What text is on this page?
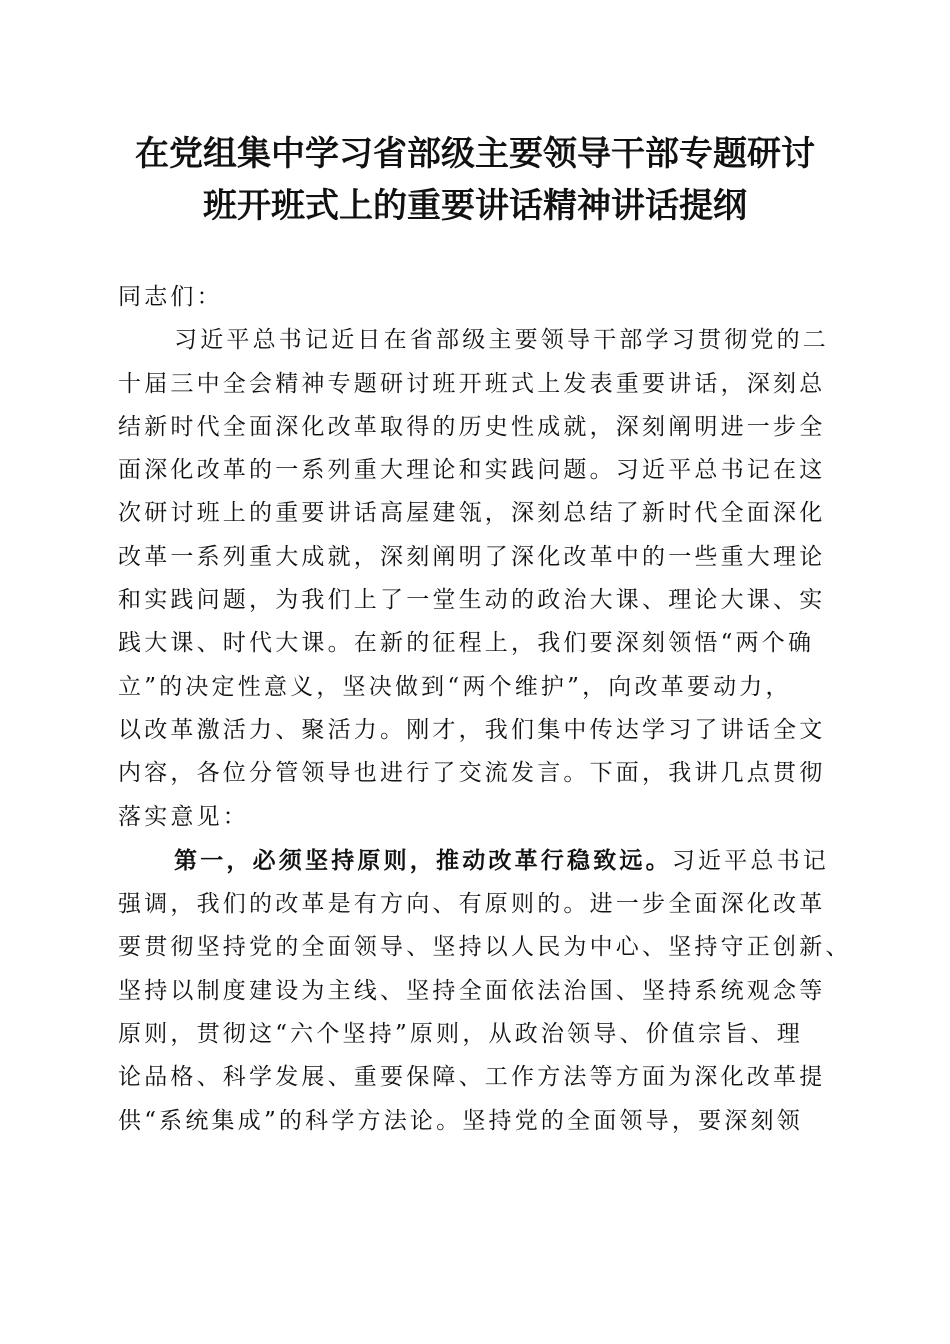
在党组集中学习省部级主要领导干部专题研讨
班开班式上的重要讲话精神讲话提纲
同志们：
习近平总书记近日在省部级主要领导干部学习贯彻党的二
十届三中全会精神专题研讨班开班式上发表重要讲话，深刻总
结新时代全面深化改革取得的历史性成就，深刻阐明进一步全
面深化改革的一系列重大理论和实践问题。习近平总书记在这
次研讨班上的重要讲话高屋建瓴，深刻总结了新时代全面深化
改革一系列重大成就，深刻阐明了深化改革中的一些重大理论
和实践问题，为我们上了一堂生动的政治大课、理论大课、实
践大课、时代大课。在新的征程上，我们要深刻领悟“两个确
立”的决定性意义，坚决做到“两个维护”，向改革要动力，
以改革激活力、聚活力。刚才，我们集中传达学习了讲话全文
内容，各位分管领导也进行了交流发言。下面，我讲几点贯彻
落实意见：
第一，必须坚持原则，推动改革行稳致远。习近平总书记
强调，我们的改革是有方向、有原则的。进一步全面深化改革
要贯彻坚持党的全面领导、坚持以人民为中心、坚持守正创新、
坚持以制度建设为主线、坚持全面依法治国、坚持系统观念等
原则，贯彻这“六个坚持”原则，从政治领导、价值宗旨、理
论品格、科学发展、重要保障、工作方法等方面为深化改革提
供“系统集成”的科学方法论。坚持党的全面领导，要深刻领
